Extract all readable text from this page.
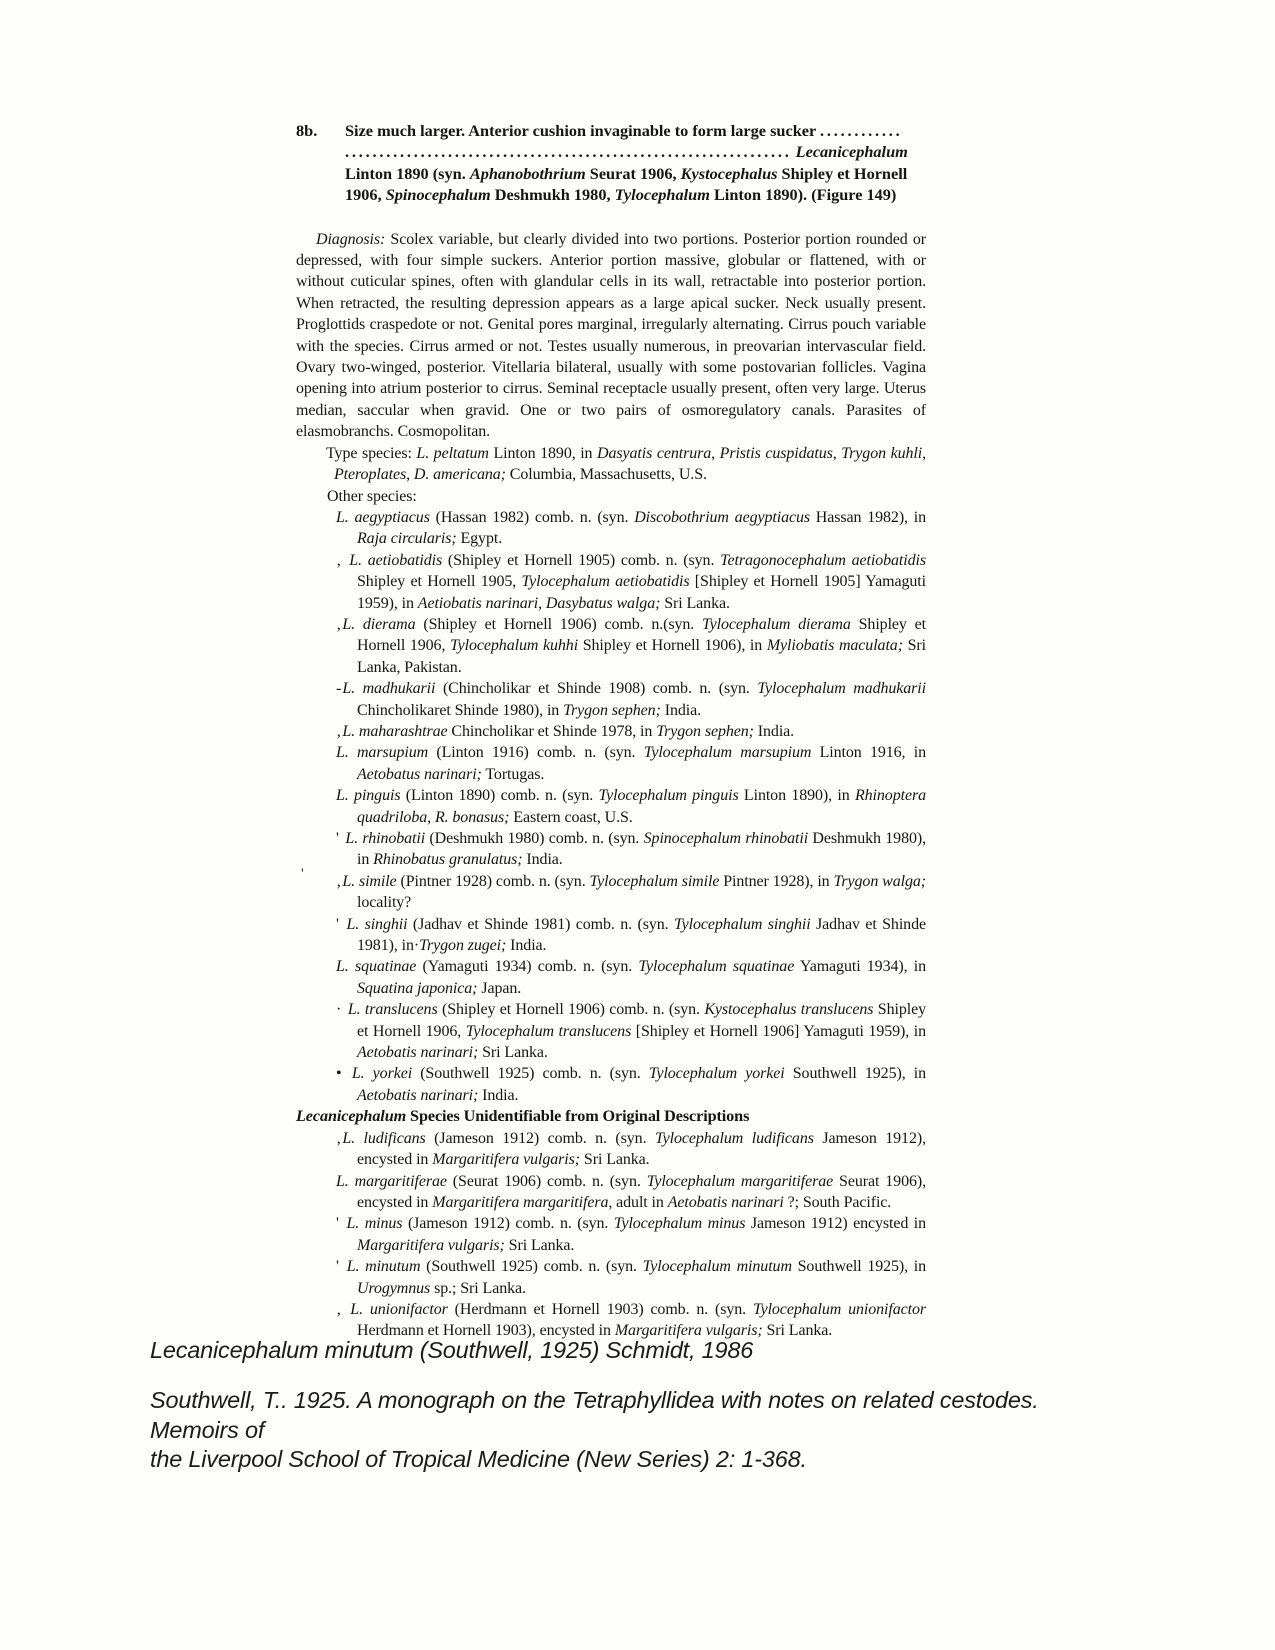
8b. Size much larger. Anterior cushion invaginable to form large sucker ............

................................................................. Lecanicephalum

Linton 1890 (syn. Aphanobothrium Seurat 1906, Kystocephalus Shipley et Hornell

1906, Spinocephalum Deshmukh 1980, Tylocephalum Linton 1890). (Figure 149)

Diagnosis: Scolex variable, but clearly divided into two portions. Posterior portion rounded or depressed, with four simple suckers. Anterior portion massive, globular or flattened, with or without cuticular spines, often with glandular cells in its wall, retractable into posterior portion. When retracted, the resulting depression appears as a large apical sucker. Neck usually present. Proglottids craspedote or not. Genital pores marginal, irregularly alternating. Cirrus pouch variable with the species. Cirrus armed or not. Testes usually numerous, in preovarian intervascular field. Ovary two-winged, posterior. Vitellaria bilateral, usually with some postovarian follicles. Vagina opening into atrium posterior to cirrus. Seminal receptacle usually present, often very large. Uterus median, saccular when gravid. One or two pairs of osmoregulatory canals. Parasites of elasmobranchs. Cosmopolitan.

Type species: L. peltatum Linton 1890, in Dasyatis centrura, Pristis cuspidatus, Trygon kuhli, Pteroplates, D. americana; Columbia, Massachusetts, U.S.

Other species:

L. aegyptiacus (Hassan 1982) comb. n. (syn. Discobothrium aegyptiacus Hassan 1982), in Raja circularis; Egypt.

‚ L. aetiobatidis (Shipley et Hornell 1905) comb. n. (syn. Tetragonocephalum aetiobatidis Shipley et Hornell 1905, Tylocephalum aetiobatidis [Shipley et Hornell 1905] Yamaguti 1959), in Aetiobatis narinari, Dasybatus walga; Sri Lanka.

‚L. dierama (Shipley et Hornell 1906) comb. n.(syn. Tylocephalum dierama Shipley et Hornell 1906, Tylocephalum kuhhi Shipley et Hornell 1906), in Myliobatis maculata; Sri Lanka, Pakistan.

-L. madhukarii (Chincholikar et Shinde 1908) comb. n. (syn. Tylocephalum madhukarii Chincholikaret Shinde 1980), in Trygon sephen; India.

‚L. maharashtrae Chincholikar et Shinde 1978, in Trygon sephen; India.

L. marsupium (Linton 1916) comb. n. (syn. Tylocephalum marsupium Linton 1916, in Aetobatus narinari; Tortugas.

L. pinguis (Linton 1890) comb. n. (syn. Tylocephalum pinguis Linton 1890), in Rhinoptera quadriloba, R. bonasus; Eastern coast, U.S.

' L. rhinobatii (Deshmukh 1980) comb. n. (syn. Spinocephalum rhinobatii Deshmukh 1980), in Rhinobatus granulatus; India.

‚L. simile (Pintner 1928) comb. n. (syn. Tylocephalum simile Pintner 1928), in Trygon walga; locality?

' L. singhii (Jadhav et Shinde 1981) comb. n. (syn. Tylocephalum singhii Jadhav et Shinde 1981), in·Trygon zugei; India.

L. squatinae (Yamaguti 1934) comb. n. (syn. Tylocephalum squatinae Yamaguti 1934), in Squatina japonica; Japan.

· L. translucens (Shipley et Hornell 1906) comb. n. (syn. Kystocephalus translucens Shipley et Hornell 1906, Tylocephalum translucens [Shipley et Hornell 1906] Yamaguti 1959), in Aetobatis narinari; Sri Lanka.

• L. yorkei (Southwell 1925) comb. n. (syn. Tylocephalum yorkei Southwell 1925), in Aetobatis narinari; India.

Lecanicephalum Species Unidentifiable from Original Descriptions

‚L. ludificans (Jameson 1912) comb. n. (syn. Tylocephalum ludificans Jameson 1912), encysted in Margaritifera vulgaris; Sri Lanka.

L. margaritiferae (Seurat 1906) comb. n. (syn. Tylocephalum margaritiferae Seurat 1906), encysted in Margaritifera margaritifera, adult in Aetobatis narinari ?; South Pacific.

' L. minus (Jameson 1912) comb. n. (syn. Tylocephalum minus Jameson 1912) encysted in Margaritifera vulgaris; Sri Lanka.

' L. minutum (Southwell 1925) comb. n. (syn. Tylocephalum minutum Southwell 1925), in Urogymnus sp.; Sri Lanka.

‚ L. unionifactor (Herdmann et Hornell 1903) comb. n. (syn. Tylocephalum unionifactor Herdmann et Hornell 1903), encysted in Margaritifera vulgaris; Sri Lanka.

'
Lecanicephalum minutum (Southwell, 1925) Schmidt, 1986
Southwell, T.. 1925. A monograph on the Tetraphyllidea with notes on related cestodes. Memoirs of
the Liverpool School of Tropical Medicine (New Series) 2: 1-368.
